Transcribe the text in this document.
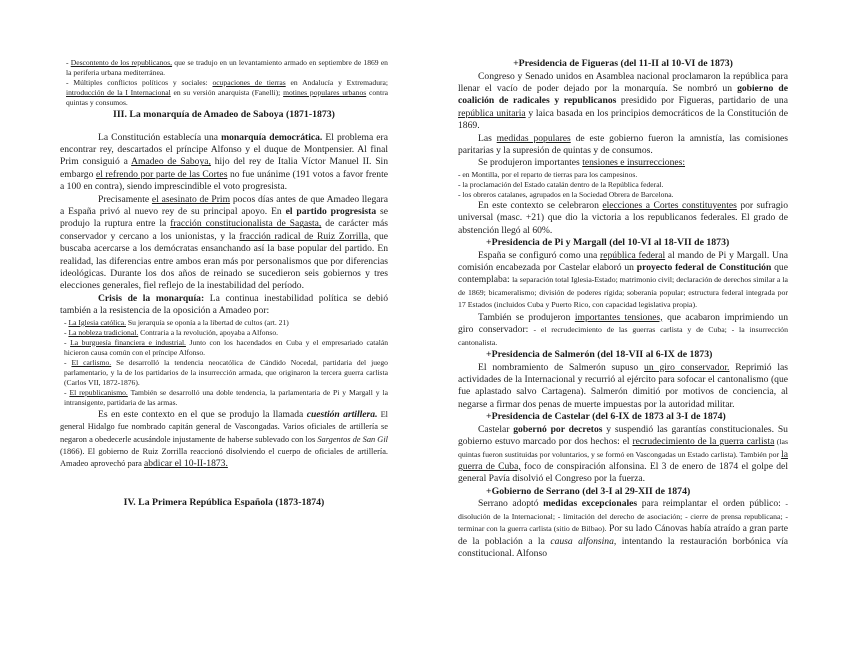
- Descontento de los republicanos, que se tradujo en un levantamiento armado en septiembre de 1869 en la periferia urbana mediterránea.

- Múltiples conflictos políticos y sociales: ocupaciones de tierras en Andalucía y Extremadura; introducción de la I Internacional en su versión anarquista (Fanelli); motines populares urbanos contra quintas y consumos.

III. La monarquía de Amadeo de Saboya (1871-1873)

La Constitución establecía una monarquía democrática. El problema era encontrar rey, descartados el príncipe Alfonso y el duque de Montpensier. Al final Prim consiguió a Amadeo de Saboya, hijo del rey de Italia Víctor Manuel II. Sin embargo el refrendo por parte de las Cortes no fue unánime (191 votos a favor frente a 100 en contra), siendo imprescindible el voto progresista.

Precisamente el asesinato de Prim pocos días antes de que Amadeo llegara a España privó al nuevo rey de su principal apoyo. En el partido progresista se produjo la ruptura entre la fracción constitucionalista de Sagasta, de carácter más conservador y cercano a los unionistas, y la fracción radical de Ruiz Zorrilla, que buscaba acercarse a los demócratas ensanchando así la base popular del partido. En realidad, las diferencias entre ambos eran más por personalismos que por diferencias ideológicas. Durante los dos años de reinado se sucedieron seis gobiernos y tres elecciones generales, fiel reflejo de la inestabilidad del período.

Crisis de la monarquía: La continua inestabilidad política se debió también a la resistencia de la oposición a Amadeo por:

- La Iglesia católica. Su jerarquía se oponía a la libertad de cultos (art. 21)

- La nobleza tradicional. Contraria a la revolución, apoyaba a Alfonso.

- La burguesía financiera e industrial. Junto con los hacendados en Cuba y el empresariado catalán hicieron causa común con el príncipe Alfonso.

- El carlismo. Se desarrolló la tendencia neocatólica de Cándido Nocedal, partidaria del juego parlamentario, y la de los partidarios de la insurrección armada, que originaron la tercera guerra carlista (Carlos VII, 1872-1876).

- El republicanismo. También se desarrolló una doble tendencia, la parlamentaria de Pi y Margall y la intransigente, partidaria de las armas.

Es en este contexto en el que se produjo la llamada cuestión artillera. El general Hidalgo fue nombrado capitán general de Vascongadas. Varios oficiales de artillería se negaron a obedecerle acusándole injustamente de haberse sublevado con los Sargentos de San Gil (1866). El gobierno de Ruiz Zorrilla reaccionó disolviendo el cuerpo de oficiales de artillería. Amadeo aprovechó para abdicar el 10-II-1873.

IV. La Primera República Española (1873-1874)
+Presidencia de Figueras (del 11-II al 10-VI de 1873)

Congreso y Senado unidos en Asamblea nacional proclamaron la república para llenar el vacío de poder dejado por la monarquía. Se nombró un gobierno de coalición de radicales y republicanos presidido por Figueras, partidario de una república unitaria y laica basada en los principios democráticos de la Constitución de 1869.

Las medidas populares de este gobierno fueron la amnistía, las comisiones paritarias y la supresión de quintas y de consumos.

Se produjeron importantes tensiones e insurrecciones:

- en Montilla, por el reparto de tierras para los campesinos.

- la proclamación del Estado catalán dentro de la República federal.

- los obreros catalanes, agrupados en la Sociedad Obrera de Barcelona.

En este contexto se celebraron elecciones a Cortes constituyentes por sufragio universal (masc. +21) que dio la victoria a los republicanos federales. El grado de abstención llegó al 60%.

+Presidencia de Pi y Margall (del 10-VI al 18-VII de 1873)

España se configuró como una república federal al mando de Pi y Margall. Una comisión encabezada por Castelar elaboró un proyecto federal de Constitución que contemplaba: la separación total Iglesia-Estado; matrimonio civil; declaración de derechos similar a la de 1869; bicameralismo; división de poderes rígida; soberanía popular; estructura federal integrada por 17 Estados (incluidos Cuba y Puerto Rico, con capacidad legislativa propia).

También se produjeron importantes tensiones, que acabaron imprimiendo un giro conservador: - el recrudecimiento de las guerras carlista y de Cuba; - la insurrección cantonalista.

+Presidencia de Salmerón (del 18-VII al 6-IX de 1873)

El nombramiento de Salmerón supuso un giro conservador. Reprimió las actividades de la Internacional y recurrió al ejército para sofocar el cantonalismo (que fue aplastado salvo Cartagena). Salmerón dimitió por motivos de conciencia, al negarse a firmar dos penas de muerte impuestas por la autoridad militar.

+Presidencia de Castelar (del 6-IX de 1873 al 3-I de 1874)

Castelar gobernó por decretos y suspendió las garantías constitucionales. Su gobierno estuvo marcado por dos hechos: el recrudecimiento de la guerra carlista (las quintas fueron sustituidas por voluntarios, y se formó en Vascongadas un Estado carlista). También por la guerra de Cuba, foco de conspiración alfonsina. El 3 de enero de 1874 el golpe del general Pavía disolvió el Congreso por la fuerza.

+Gobierno de Serrano (del 3-I al 29-XII de 1874)

Serrano adoptó medidas excepcionales para reimplantar el orden público: - disolución de la Internacional; - limitación del derecho de asociación; - cierre de prensa republicana; - terminar con la guerra carlista (sitio de Bilbao). Por su lado Cánovas había atraído a gran parte de la población a la causa alfonsina, intentando la restauración borbónica vía constitucional. Alfonso
